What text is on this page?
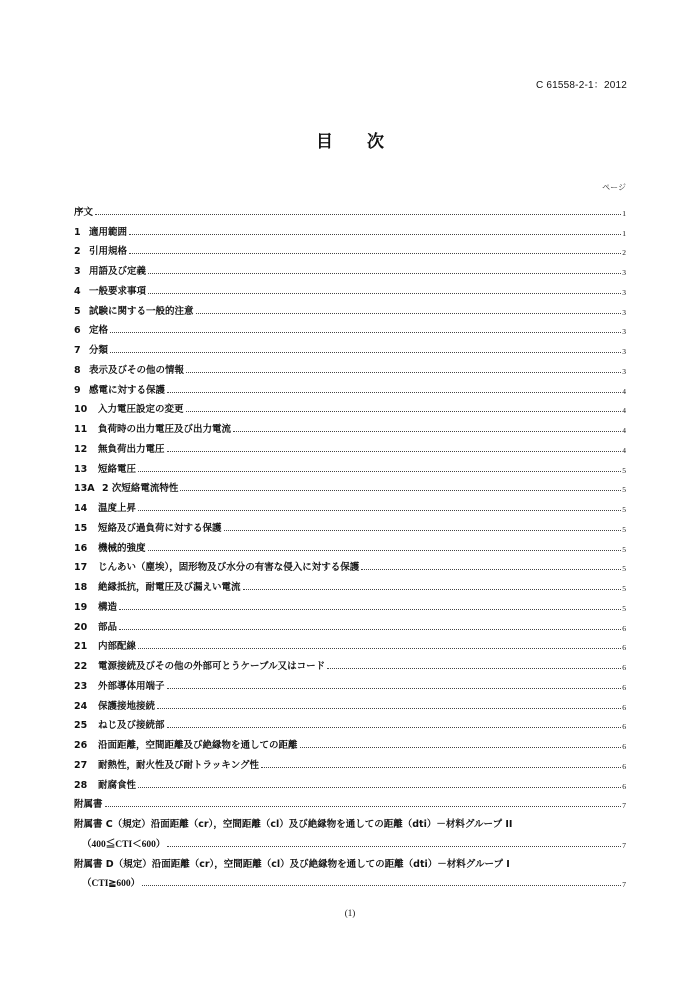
C 61558-2-1：2012
目 次
ページ
序文	1
1 適用範囲	1
2 引用規格	2
3 用語及び定義	3
4 一般要求事項	3
5 試験に関する一般的注意	3
6 定格	3
7 分類	3
8 表示及びその他の情報	3
9 感電に対する保護	4
10	入力電圧設定の変更	4
11	負荷時の出力電圧及び出力電流	4
12	無負荷出力電圧	4
13	短絡電圧	5
13A 2 次短絡電流特性	5
14	温度上昇	5
15	短絡及び過負荷に対する保護	5
16	機械的強度	5
17	じんあい（塵埃），固形物及び水分の有害な侵入に対する保護	5
18	絶縁抵抗，耐電圧及び漏えい電流	5
19	構造	5
20	部品	6
21	内部配線	6
22	電源接続及びその他の外部可とうケーブル又はコード	6
23	外部導体用端子	6
24	保護接地接続	6
25	ねじ及び接続部	6
26	沿面距離，空間距離及び絶縁物を通しての距離	6
27	耐熱性，耐火性及び耐トラッキング性	6
28	耐腐食性	6
附属書	7
附属書 C（規定）沿面距離（cr），空間距離（cl）及び絶縁物を通しての距離（dti）－材料グループ II
（400≦CTI＜600）	7
附属書 D（規定）沿面距離（cr），空間距離（cl）及び絶縁物を通しての距離（dti）－材料グループ I
（CTI≧600）	7
(1)
